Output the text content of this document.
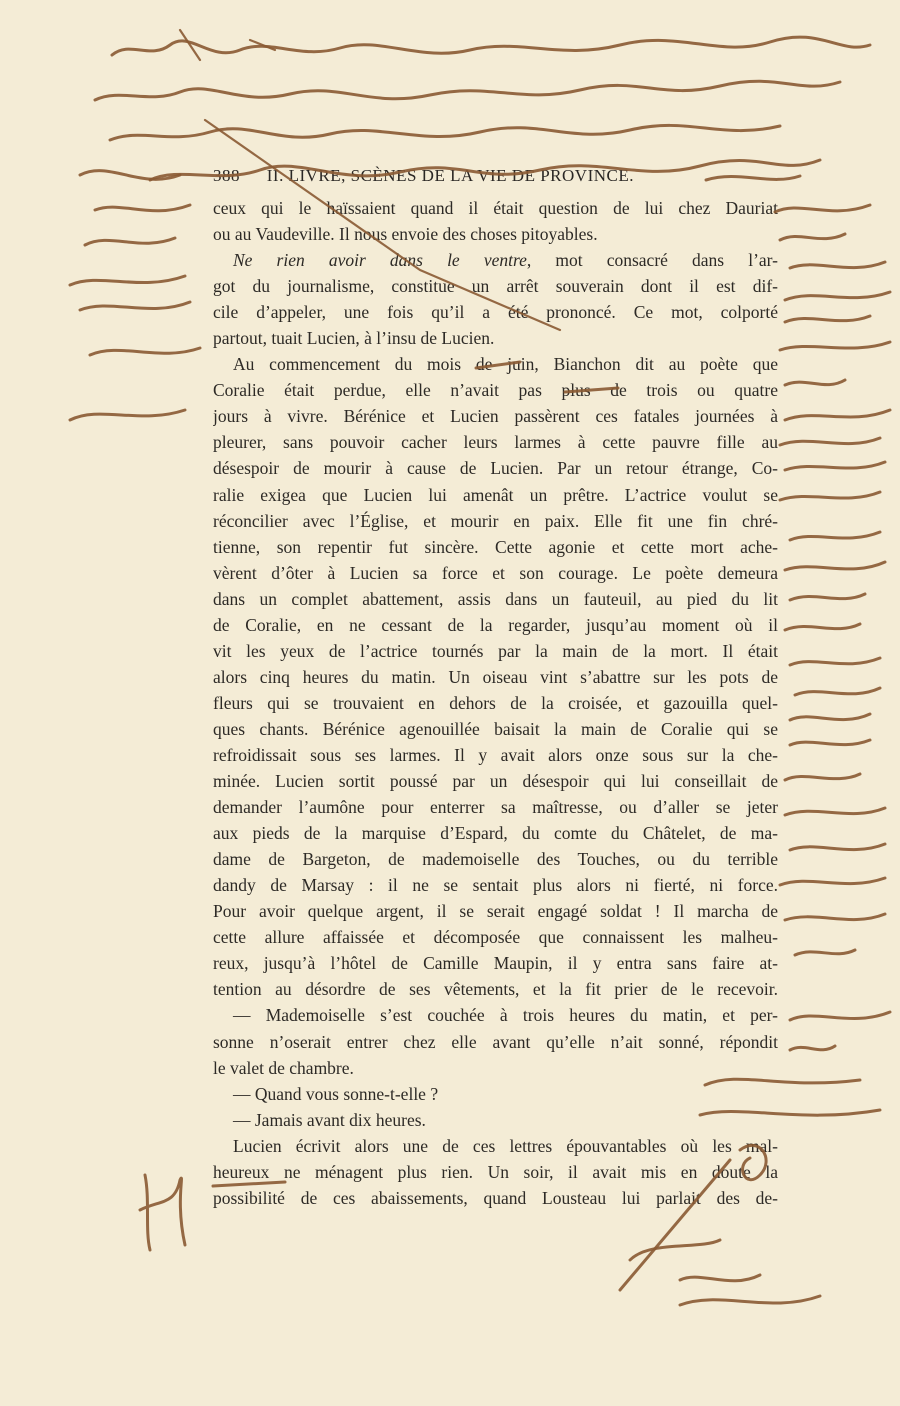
388 II. LIVRE, SCÈNES DE LA VIE DE PROVINCE.
ceux qui le haïssaient quand il était question de lui chez Dauriat
ou au Vaudeville. Il nous envoie des choses pitoyables.
Ne rien avoir dans le ventre, mot consacré dans l’ar-
got du journalisme, constitue un arrêt souverain dont il est dif-
cile d’appeler, une fois qu’il a été prononcé. Ce mot, colporté
partout, tuait Lucien, à l’insu de Lucien.
Au commencement du mois de juin, Bianchon dit au poète que
Coralie était perdue, elle n’avait pas plus de trois ou quatre
jours à vivre. Bérénice et Lucien passèrent ces fatales journées à
pleurer, sans pouvoir cacher leurs larmes à cette pauvre fille au
désespoir de mourir à cause de Lucien. Par un retour étrange, Co-
ralie exigea que Lucien lui amenât un prêtre. L’actrice voulut se
réconcilier avec l’Église, et mourir en paix. Elle fit une fin chré-
tienne, son repentir fut sincère. Cette agonie et cette mort ache-
vèrent d’ôter à Lucien sa force et son courage. Le poète demeura
dans un complet abattement, assis dans un fauteuil, au pied du lit
de Coralie, en ne cessant de la regarder, jusqu’au moment où il
vit les yeux de l’actrice tournés par la main de la mort. Il était
alors cinq heures du matin. Un oiseau vint s’abattre sur les pots de
fleurs qui se trouvaient en dehors de la croisée, et gazouilla quel-
ques chants. Bérénice agenouillée baisait la main de Coralie qui se
refroidissait sous ses larmes. Il y avait alors onze sous sur la che-
minée. Lucien sortit poussé par un désespoir qui lui conseillait de
demander l’aumône pour enterrer sa maîtresse, ou d’aller se jeter
aux pieds de la marquise d’Espard, du comte du Châtelet, de ma-
dame de Bargeton, de mademoiselle des Touches, ou du terrible
dandy de Marsay : il ne se sentait plus alors ni fierté, ni force.
Pour avoir quelque argent, il se serait engagé soldat ! Il marcha de
cette allure affaissée et décomposée que connaissent les malheu-
reux, jusqu’à l’hôtel de Camille Maupin, il y entra sans faire at-
tention au désordre de ses vêtements, et la fit prier de le recevoir.
— Mademoiselle s’est couchée à trois heures du matin, et per-
sonne n’oserait entrer chez elle avant qu’elle n’ait sonné, répondit
le valet de chambre.
— Quand vous sonne-t-elle ?
— Jamais avant dix heures.
Lucien écrivit alors une de ces lettres épouvantables où les mal-
heureux ne ménagent plus rien. Un soir, il avait mis en doute la
possibilité de ces abaissements, quand Lousteau lui parlait des de-
